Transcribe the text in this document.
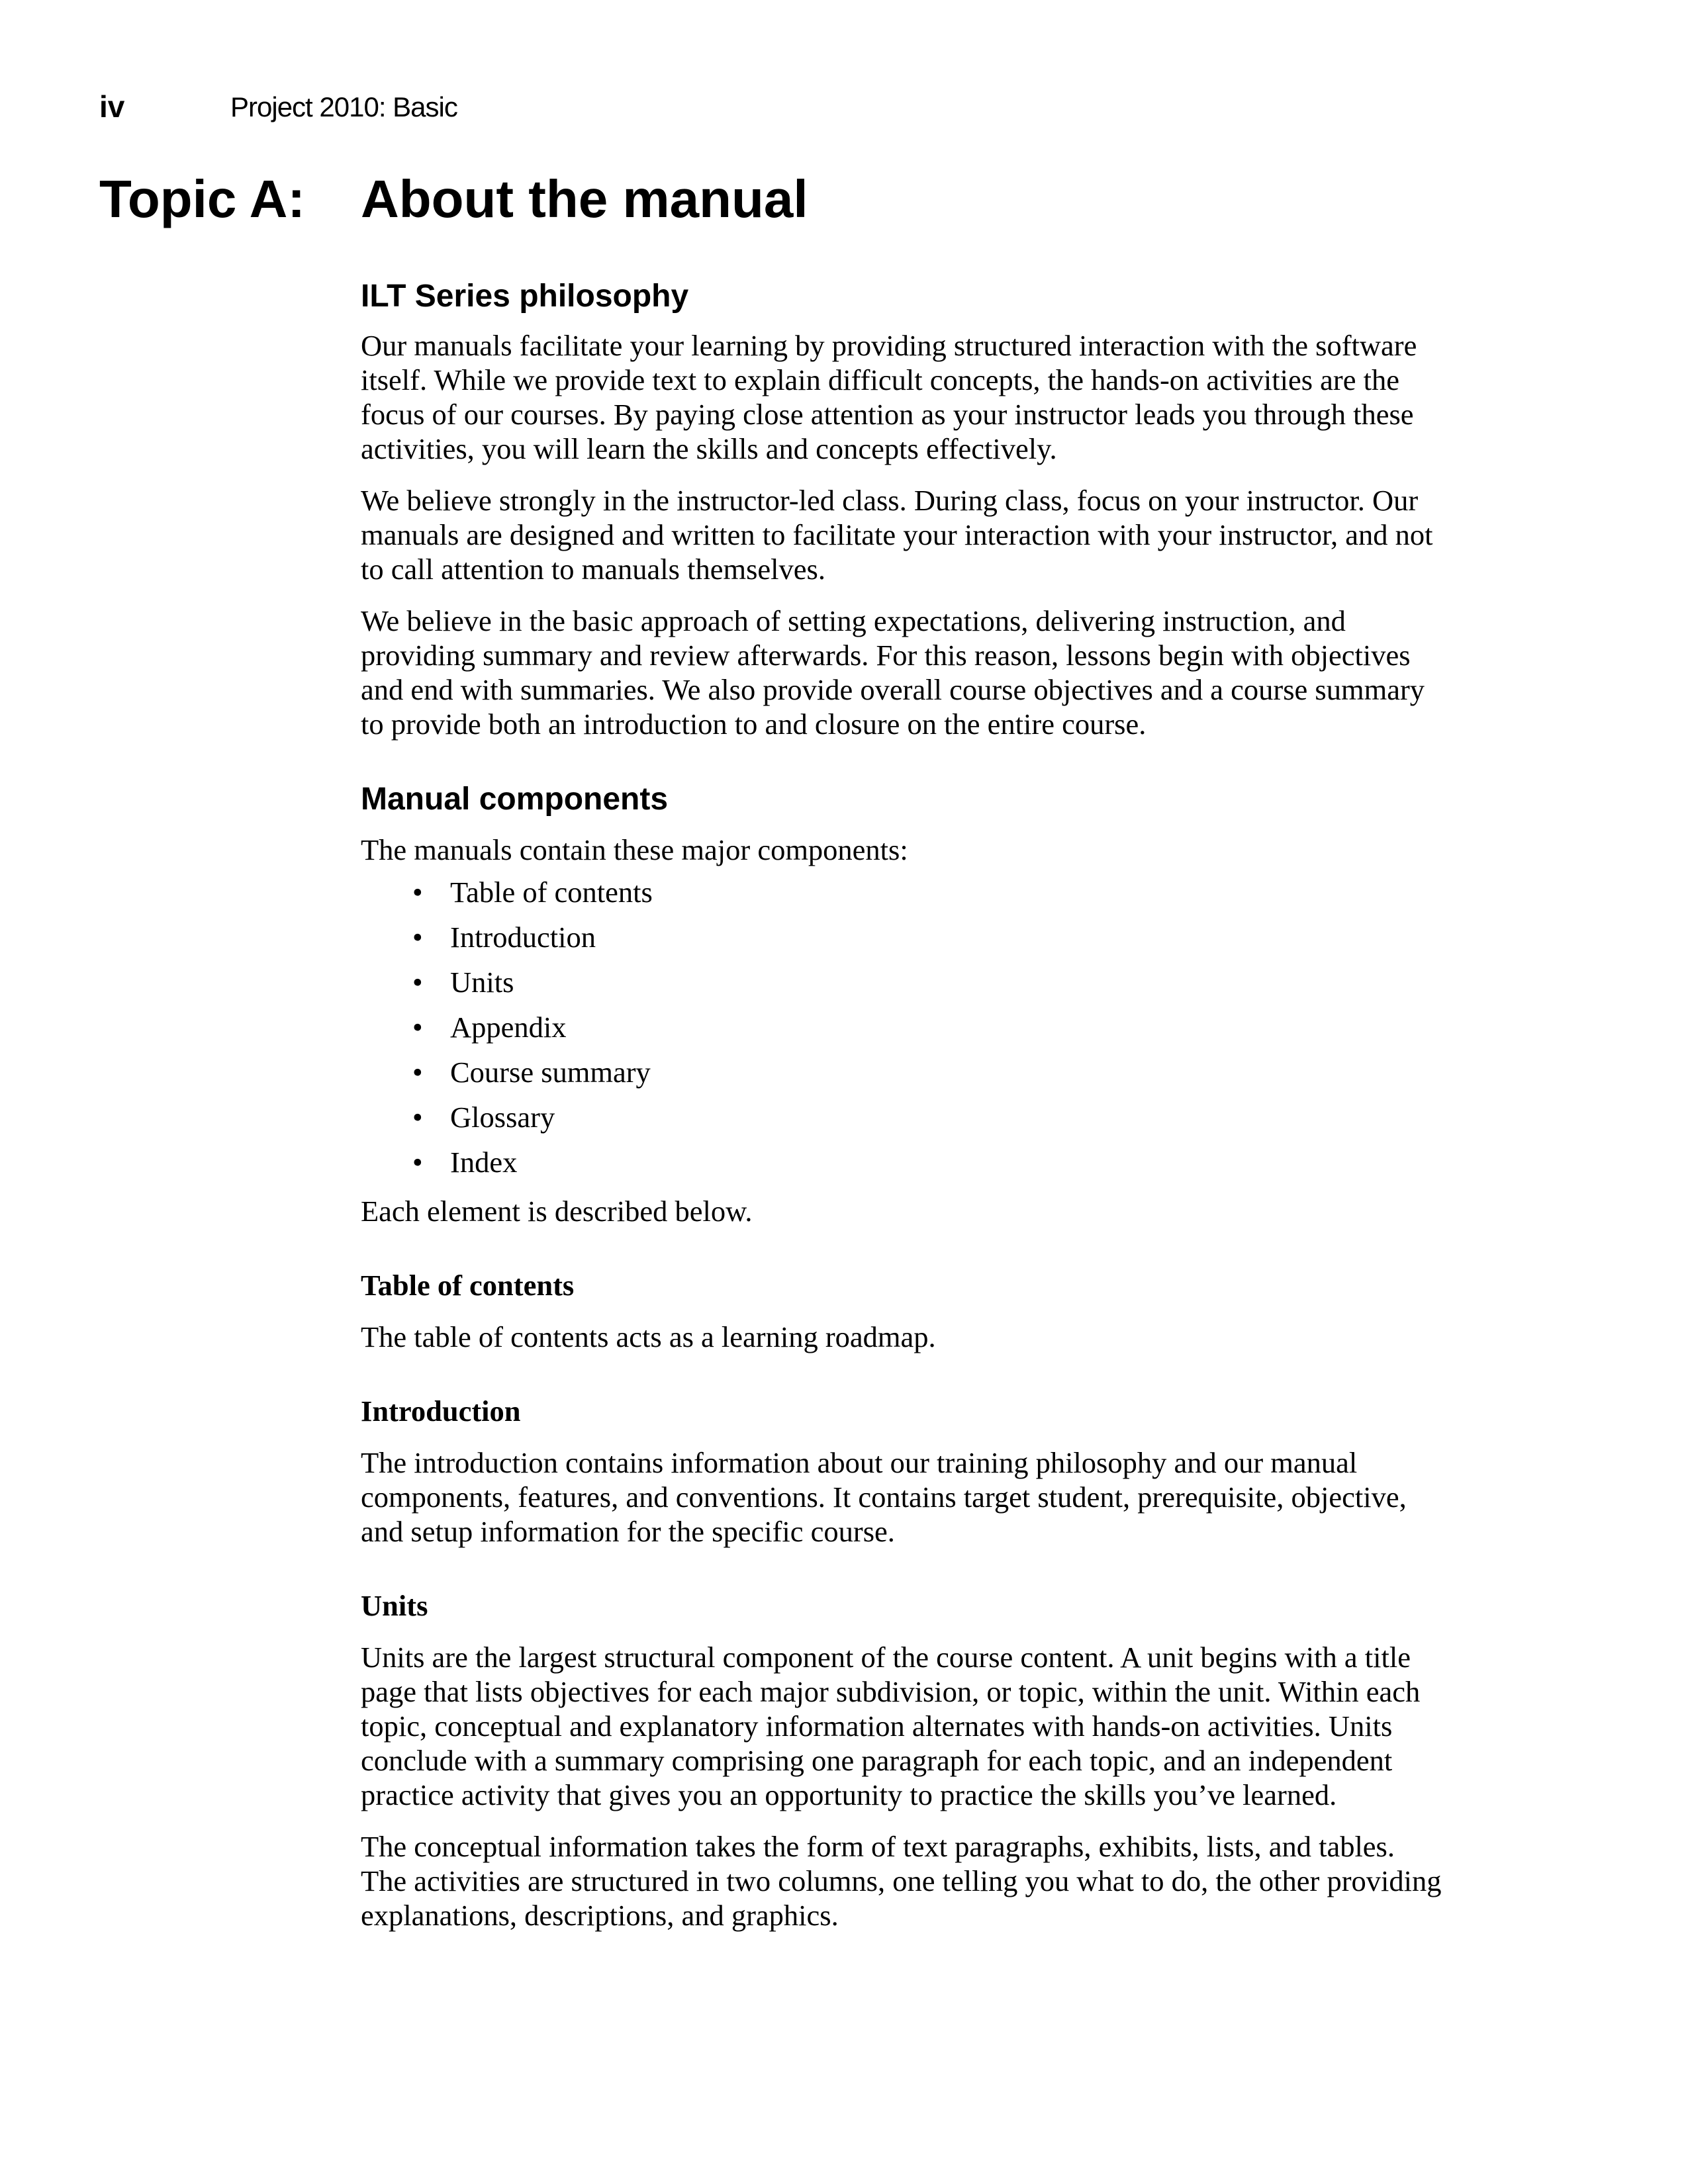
iv	Project 2010: Basic
Topic A: About the manual
ILT Series philosophy

Our manuals facilitate your learning by providing structured interaction with the software itself. While we provide text to explain difficult concepts, the hands-on activities are the focus of our courses. By paying close attention as your instructor leads you through these activities, you will learn the skills and concepts effectively.

We believe strongly in the instructor-led class. During class, focus on your instructor. Our manuals are designed and written to facilitate your interaction with your instructor, and not to call attention to manuals themselves.

We believe in the basic approach of setting expectations, delivering instruction, and providing summary and review afterwards. For this reason, lessons begin with objectives and end with summaries. We also provide overall course objectives and a course summary to provide both an introduction to and closure on the entire course.

Manual components

The manuals contain these major components:

• Table of contents
• Introduction
• Units
• Appendix
• Course summary
• Glossary
• Index

Each element is described below.

Table of contents

The table of contents acts as a learning roadmap.

Introduction

The introduction contains information about our training philosophy and our manual components, features, and conventions. It contains target student, prerequisite, objective, and setup information for the specific course.

Units

Units are the largest structural component of the course content. A unit begins with a title page that lists objectives for each major subdivision, or topic, within the unit. Within each topic, conceptual and explanatory information alternates with hands-on activities. Units conclude with a summary comprising one paragraph for each topic, and an independent practice activity that gives you an opportunity to practice the skills you’ve learned.

The conceptual information takes the form of text paragraphs, exhibits, lists, and tables. The activities are structured in two columns, one telling you what to do, the other providing explanations, descriptions, and graphics.
